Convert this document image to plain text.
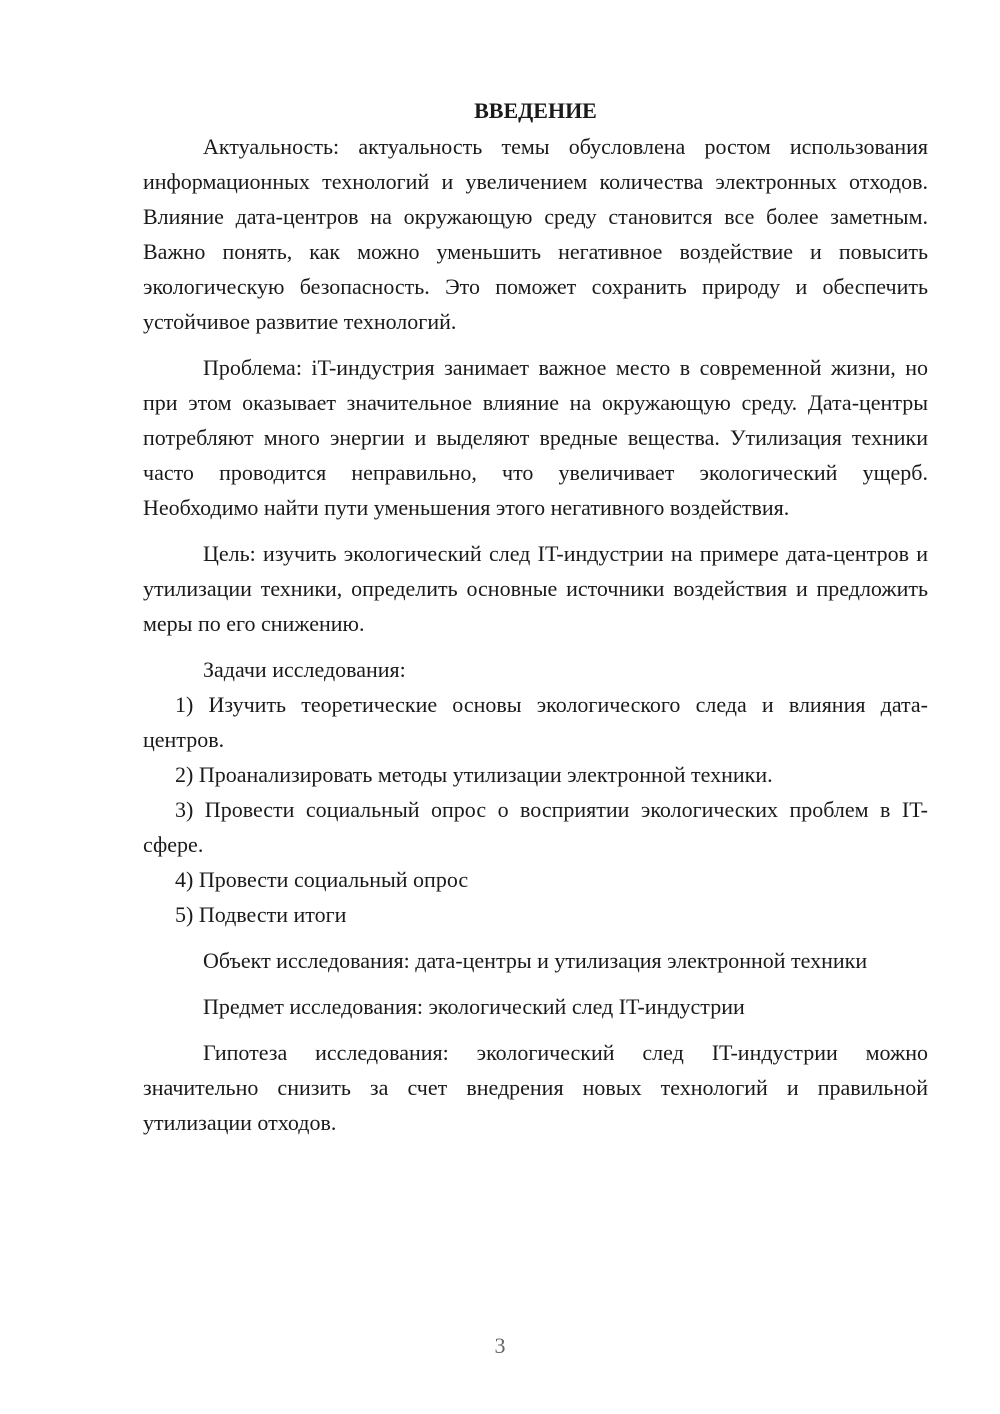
ВВЕДЕНИЕ

Актуальность: актуальность темы обусловлена ростом использования информационных технологий и увеличением количества электронных отходов. Влияние дата-центров на окружающую среду становится все более заметным. Важно понять, как можно уменьшить негативное воздействие и повысить экологическую безопасность. Это поможет сохранить природу и обеспечить устойчивое развитие технологий.

Проблема: iT-индустрия занимает важное место в современной жизни, но при этом оказывает значительное влияние на окружающую среду. Дата-центры потребляют много энергии и выделяют вредные вещества. Утилизация техники часто проводится неправильно, что увеличивает экологический ущерб. Необходимо найти пути уменьшения этого негативного воздействия.

Цель: изучить экологический след IT-индустрии на примере дата-центров и утилизации техники, определить основные источники воздействия и предложить меры по его снижению.

Задачи исследования:

1) Изучить теоретические основы экологического следа и влияния дата-центров.

2) Проанализировать методы утилизации электронной техники.

3) Провести социальный опрос о восприятии экологических проблем в IT-сфере.

4) Провести социальный опрос

5) Подвести итоги

Объект исследования: дата-центры и утилизация электронной техники

Предмет исследования: экологический след IT-индустрии

Гипотеза исследования: экологический след IT-индустрии можно значительно снизить за счет внедрения новых технологий и правильной утилизации отходов.

3
